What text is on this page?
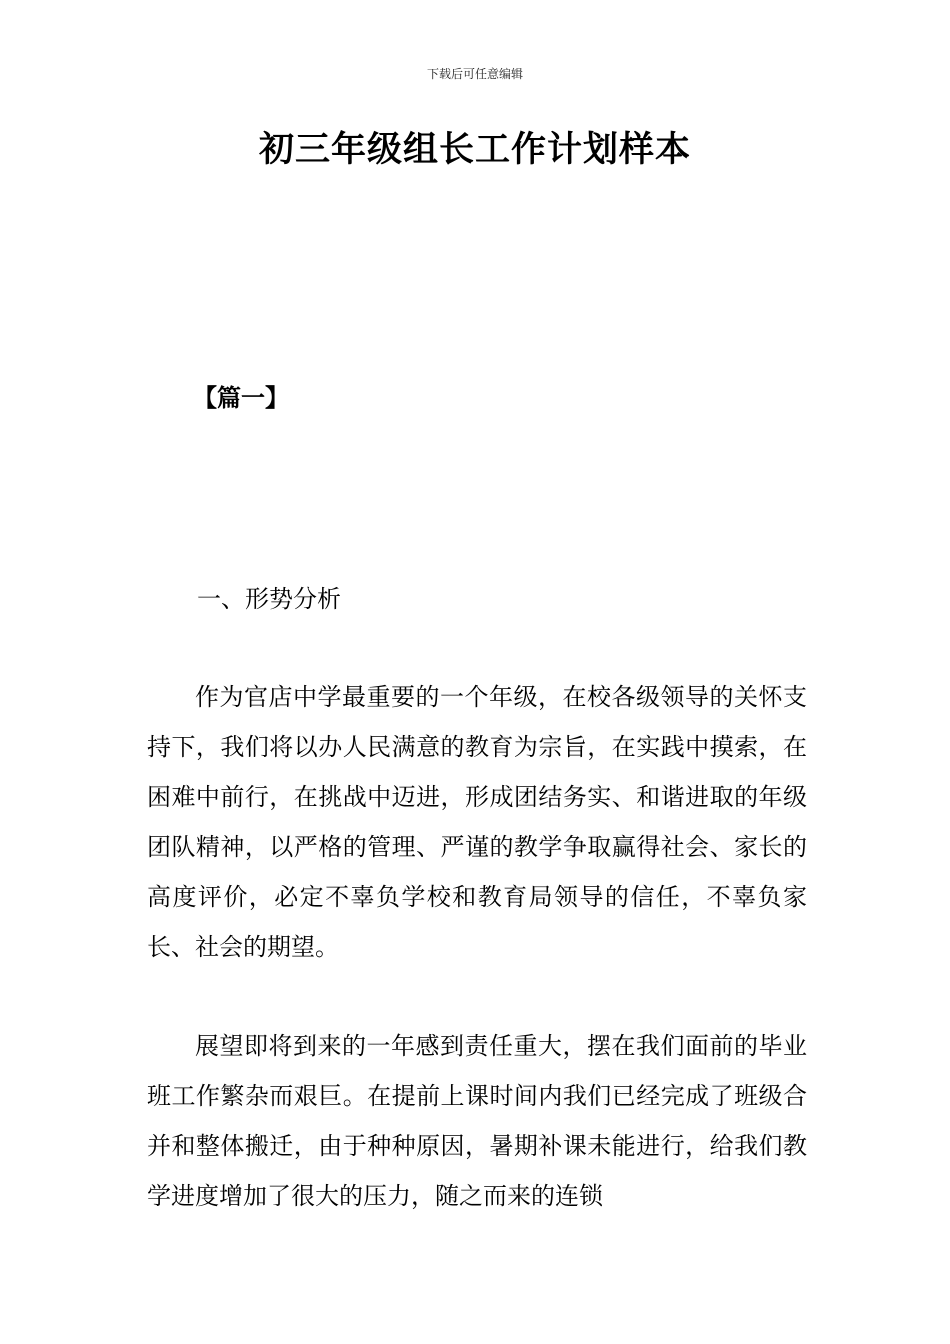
下载后可任意编辑
初三年级组长工作计划样本
【篇一】
一、形势分析

作为官店中学最重要的一个年级，在校各级领导的关怀支持下，我们将以办人民满意的教育为宗旨，在实践中摸索，在困难中前行，在挑战中迈进，形成团结务实、和谐进取的年级团队精神，以严格的管理、严谨的教学争取赢得社会、家长的高度评价，必定不辜负学校和教育局领导的信任，不辜负家长、社会的期望。

展望即将到来的一年感到责任重大，摆在我们面前的毕业班工作繁杂而艰巨。在提前上课时间内我们已经完成了班级合并和整体搬迁，由于种种原因，暑期补课未能进行，给我们教学进度增加了很大的压力，随之而来的连锁
